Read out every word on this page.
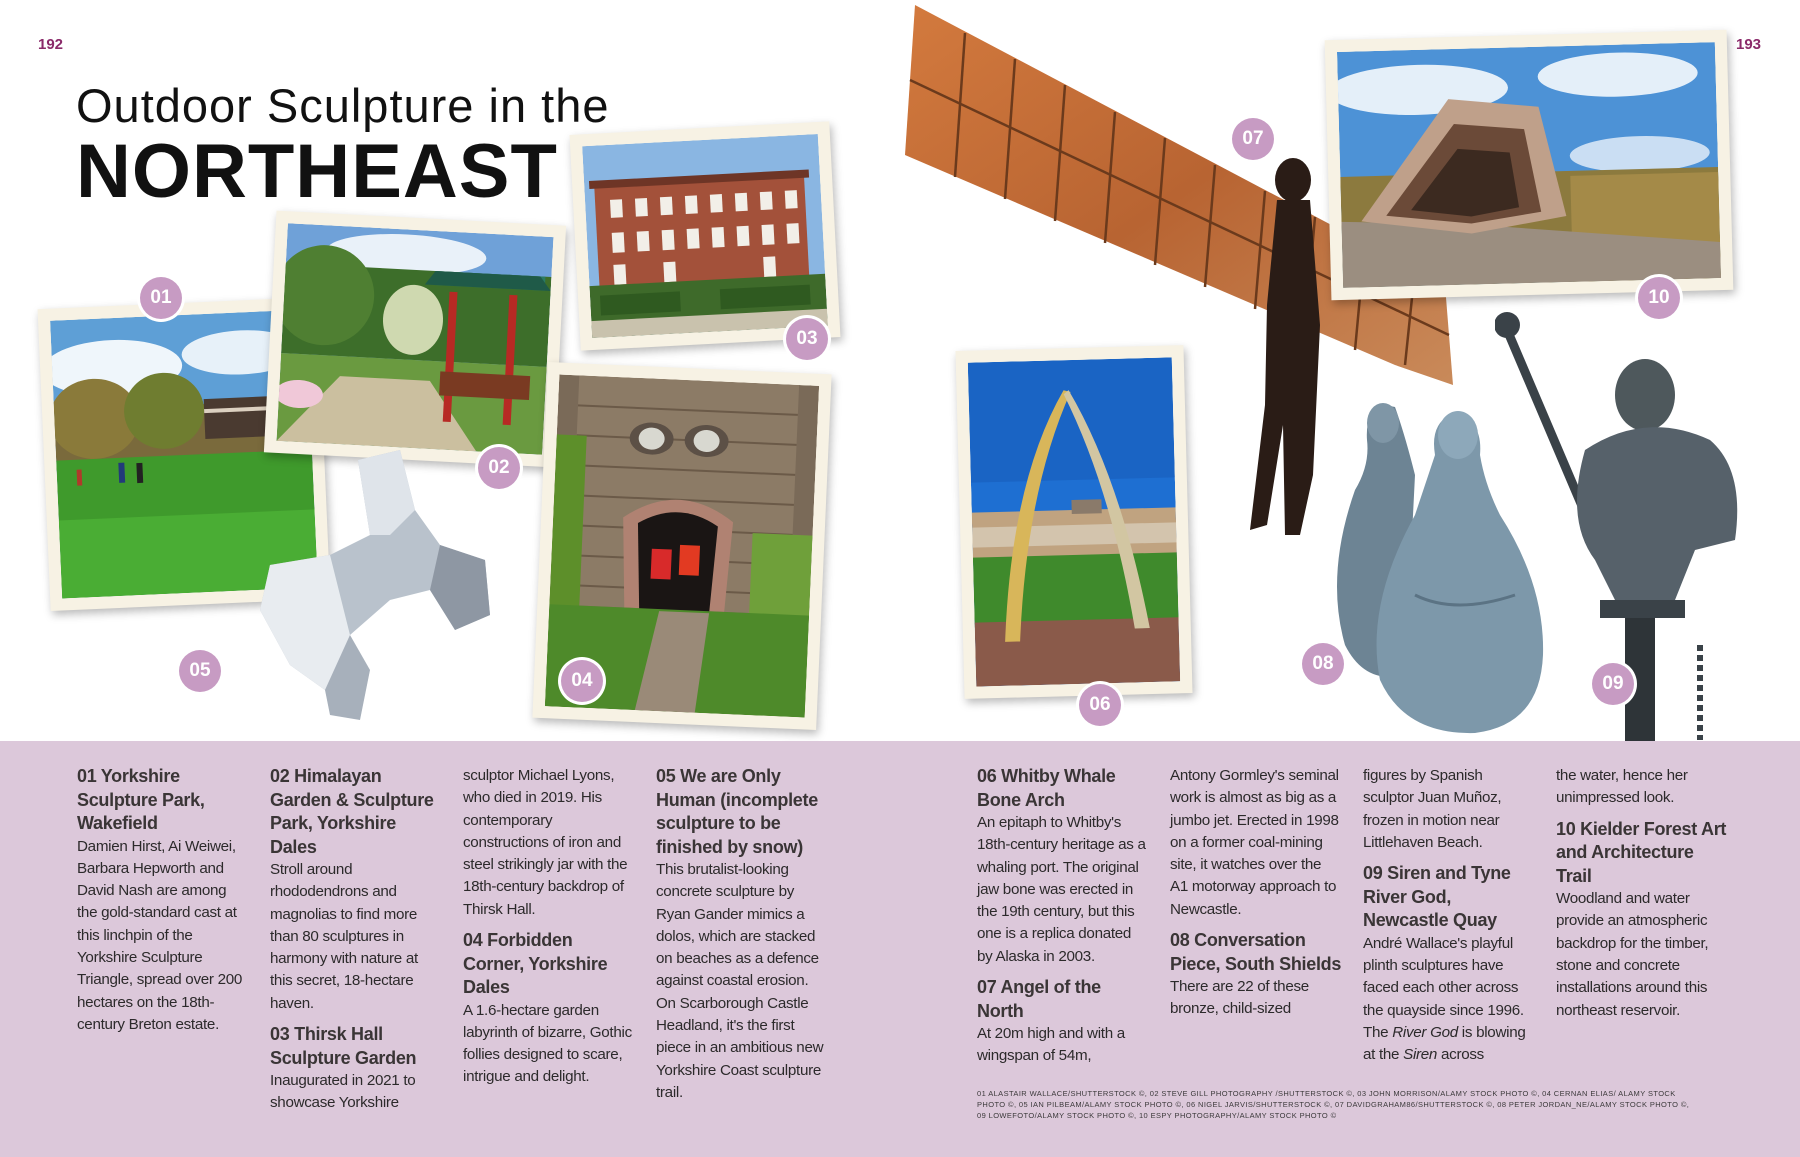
192	193
Outdoor Sculpture in the
NORTHEAST
01
02
03
04
05
06
07
08
09
10
01 Yorkshire Sculpture Park, Wakefield
Damien Hirst, Ai Weiwei, Barbara Hepworth and David Nash are among the gold-standard cast at this linchpin of the Yorkshire Sculpture Triangle, spread over 200 hectares on the 18th-century Breton estate.
02 Himalayan Garden & Sculpture Park, Yorkshire Dales
Stroll around rhododendrons and magnolias to find more than 80 sculptures in harmony with nature at this secret, 18-hectare haven.
03 Thirsk Hall Sculpture Garden
Inaugurated in 2021 to showcase Yorkshire
sculptor Michael Lyons, who died in 2019. His contemporary constructions of iron and steel strikingly jar with the 18th-century backdrop of Thirsk Hall.
04 Forbidden Corner, Yorkshire Dales
A 1.6-hectare garden labyrinth of bizarre, Gothic follies designed to scare, intrigue and delight.
05 We are Only Human (incomplete sculpture to be finished by snow)
This brutalist-looking concrete sculpture by Ryan Gander mimics a dolos, which are stacked on beaches as a defence against coastal erosion. On Scarborough Castle Headland, it's the first piece in an ambitious new Yorkshire Coast sculpture trail.
06 Whitby Whale Bone Arch
An epitaph to Whitby's 18th-century heritage as a whaling port. The original jaw bone was erected in the 19th century, but this one is a replica donated by Alaska in 2003.
07 Angel of the North
At 20m high and with a wingspan of 54m,
Antony Gormley's seminal work is almost as big as a jumbo jet. Erected in 1998 on a former coal-mining site, it watches over the A1 motorway approach to Newcastle.
08 Conversation Piece, South Shields
There are 22 of these bronze, child-sized
figures by Spanish sculptor Juan Muñoz, frozen in motion near Littlehaven Beach.
09 Siren and Tyne River God, Newcastle Quay
André Wallace's playful plinth sculptures have faced each other across the quayside since 1996. The River God is blowing at the Siren across
the water, hence her unimpressed look.
10 Kielder Forest Art and Architecture Trail
Woodland and water provide an atmospheric backdrop for the timber, stone and concrete installations around this northeast reservoir.
01 ALASTAIR WALLACE/SHUTTERSTOCK ©, 02 STEVE GILL PHOTOGRAPHY /SHUTTERSTOCK ©, 03 JOHN MORRISON/ALAMY STOCK PHOTO ©, 04 CERNAN ELIAS/ ALAMY STOCK PHOTO ©, 05 IAN PILBEAM/ALAMY STOCK PHOTO ©, 06 NIGEL JARVIS/SHUTTERSTOCK ©, 07 DAVIDGRAHAM86/SHUTTERSTOCK ©, 08 PETER JORDAN_NE/ALAMY STOCK PHOTO ©, 09 LOWEFOTO/ALAMY STOCK PHOTO ©, 10 ESPY PHOTOGRAPHY/ALAMY STOCK PHOTO ©
